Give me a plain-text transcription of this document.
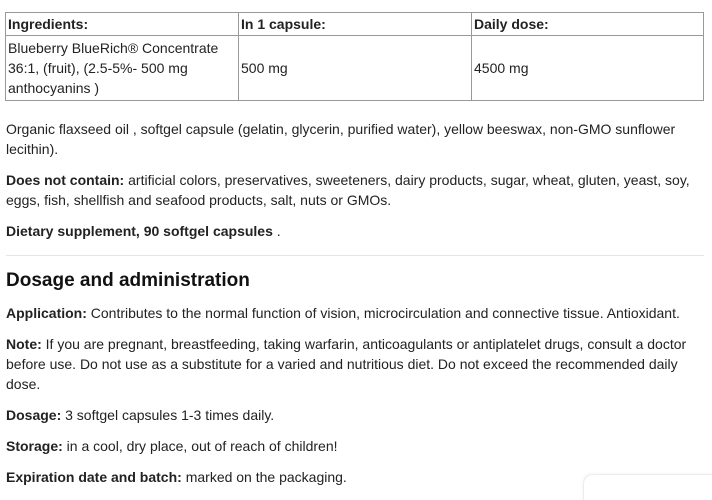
Ingredients:	In 1 capsule:	Daily dose:
Blueberry BlueRich® Concentrate 36:1, (fruit), (2.5-5%- 500 mg anthocyanins )	500 mg	4500 mg

Organic flaxseed oil , softgel capsule (gelatin, glycerin, purified water), yellow beeswax, non-GMO sunflower lecithin).

Does not contain: artificial colors, preservatives, sweeteners, dairy products, sugar, wheat, gluten, yeast, soy, eggs, fish, shellfish and seafood products, salt, nuts or GMOs.

Dietary supplement, 90 softgel capsules .

Dosage and administration

Application: Contributes to the normal function of vision, microcirculation and connective tissue. Antioxidant.

Note: If you are pregnant, breastfeeding, taking warfarin, anticoagulants or antiplatelet drugs, consult a doctor before use. Do not use as a substitute for a varied and nutritious diet. Do not exceed the recommended daily dose.

Dosage: 3 softgel capsules 1-3 times daily.

Storage: in a cool, dry place, out of reach of children!

Expiration date and batch: marked on the packaging.
